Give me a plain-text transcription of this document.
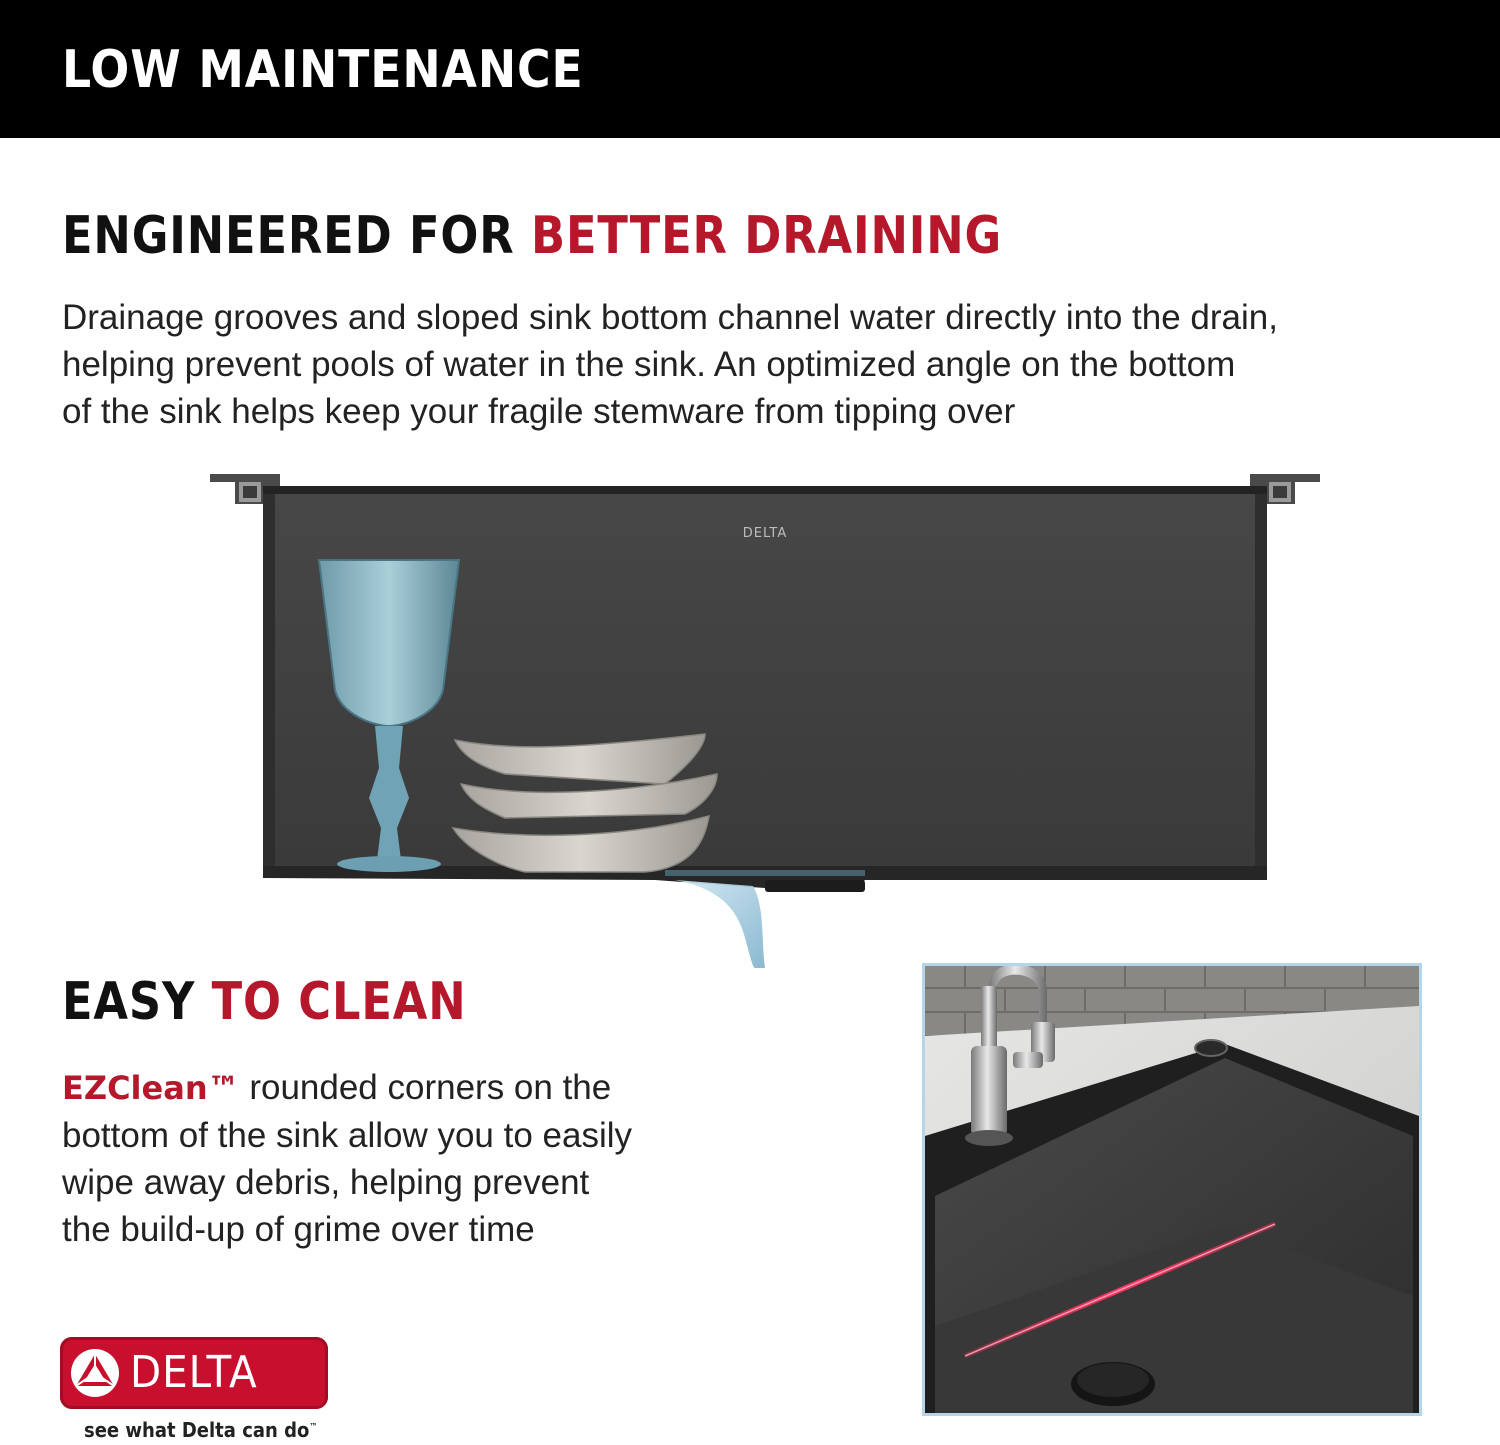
LOW MAINTENANCE
ENGINEERED FOR BETTER DRAINING

Drainage grooves and sloped sink bottom channel water directly into the drain,
helping prevent pools of water in the sink. An optimized angle on the bottom
of the sink helps keep your fragile stemware from tipping over

DELTA
EASY TO CLEAN

EZClean™ rounded corners on the
bottom of the sink allow you to easily
wipe away debris, helping prevent
the build-up of grime over time

DELTA
see what Delta can do™
